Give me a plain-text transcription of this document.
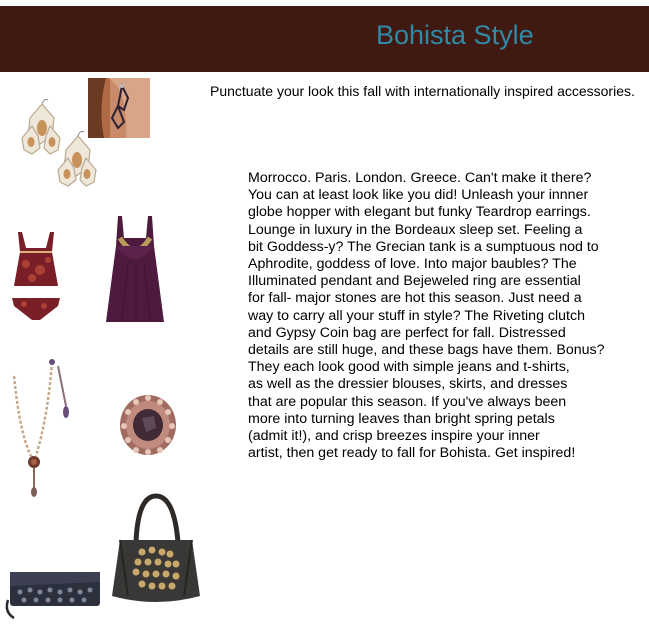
Bohista Style
Punctuate your look this fall with internationally inspired accessories.
Morrocco. Paris. London. Greece. Can't make it there?
You can at least look like you did! Unleash your innner
globe hopper with elegant but funky Teardrop earrings.
Lounge in luxury in the Bordeaux sleep set. Feeling a
bit Goddess-y? The Grecian tank is a sumptuous nod to
Aphrodite, goddess of love. Into major baubles? The
Illuminated pendant and Bejeweled ring are essential
for fall- major stones are hot this season. Just need a
way to carry all your stuff in style? The Riveting clutch
and Gypsy Coin bag are perfect for fall. Distressed
details are still huge, and these bags have them. Bonus?
They each look good with simple jeans and t-shirts,
as well as the dressier blouses, skirts, and dresses
that are popular this season. If you've always been
more into turning leaves than bright spring petals
(admit it!), and crisp breezes inspire your inner
artist, then get ready to fall for Bohista. Get inspired!
